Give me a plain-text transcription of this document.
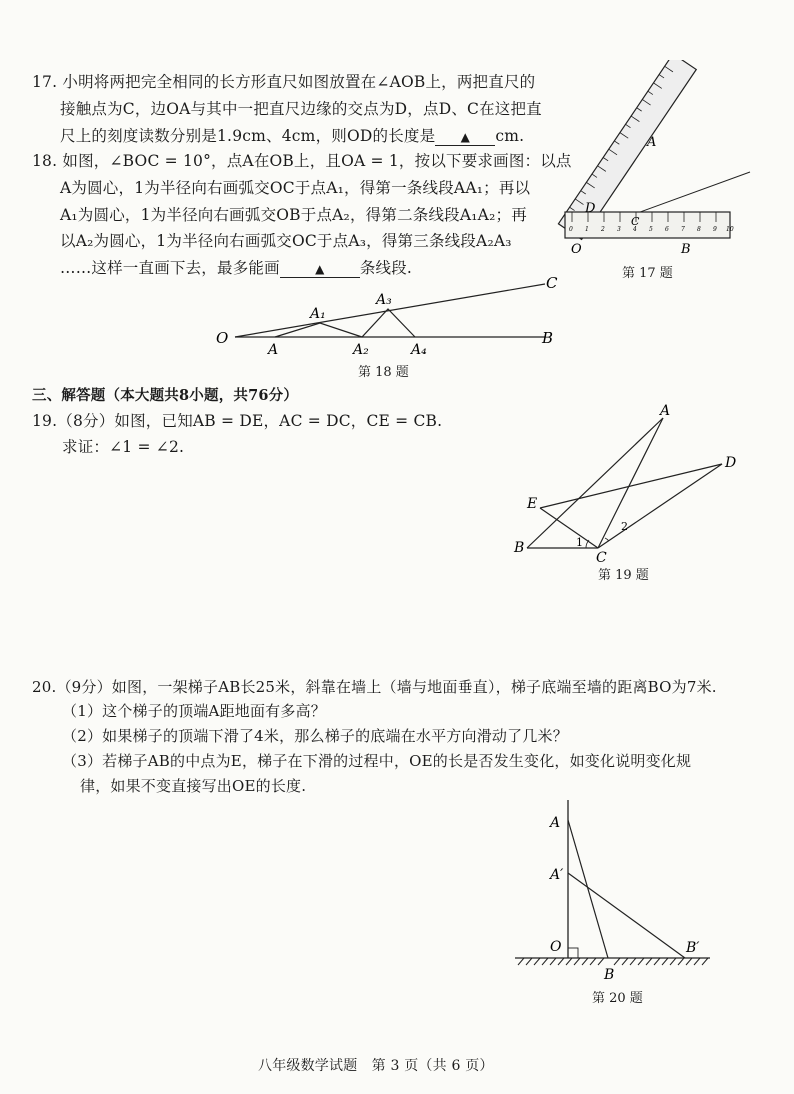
17. 小明将两把完全相同的长方形直尺如图放置在∠AOB上，两把直尺的
接触点为C，边OA与其中一把直尺边缘的交点为D，点D、C在这把直
尺上的刻度读数分别是1.9cm、4cm，则OD的长度是 ▲ cm.
0 1 2 3 4 5 6 7 8 9 10
A
D
C
O	B
第 17 题
18. 如图，∠BOC = 10°，点A在OB上，且OA = 1，按以下要求画图：以点
A为圆心，1为半径向右画弧交OC于点A₁，得第一条线段AA₁；再以
A₁为圆心，1为半径向右画弧交OB于点A₂，得第二条线段A₁A₂；再
以A₂为圆心，1为半径向右画弧交OC于点A₃，得第三条线段A₂A₃
……这样一直画下去，最多能画	▲ 条线段.
O
A
A₁
A₂
A₃
A₄
B
C
第 18 题
三、解答题（本大题共8小题，共76分）
19.（8分）如图，已知AB = DE，AC = DC，CE = CB.
求证：∠1 = ∠2.
A
D
E
B
C
1
2
第 19 题
20.（9分）如图，一架梯子AB长25米，斜靠在墙上（墙与地面垂直），梯子底端至墙的距离BO为7米.
（1）这个梯子的顶端A距地面有多高？
（2）如果梯子的顶端下滑了4米，那么梯子的底端在水平方向滑动了几米？
（3）若梯子AB的中点为E，梯子在下滑的过程中，OE的长是否发生变化，如变化说明变化规
律，如果不变直接写出OE的长度.
A
A′
O
B
B′
第 20 题
八年级数学试题　第 3 页（共 6 页）
